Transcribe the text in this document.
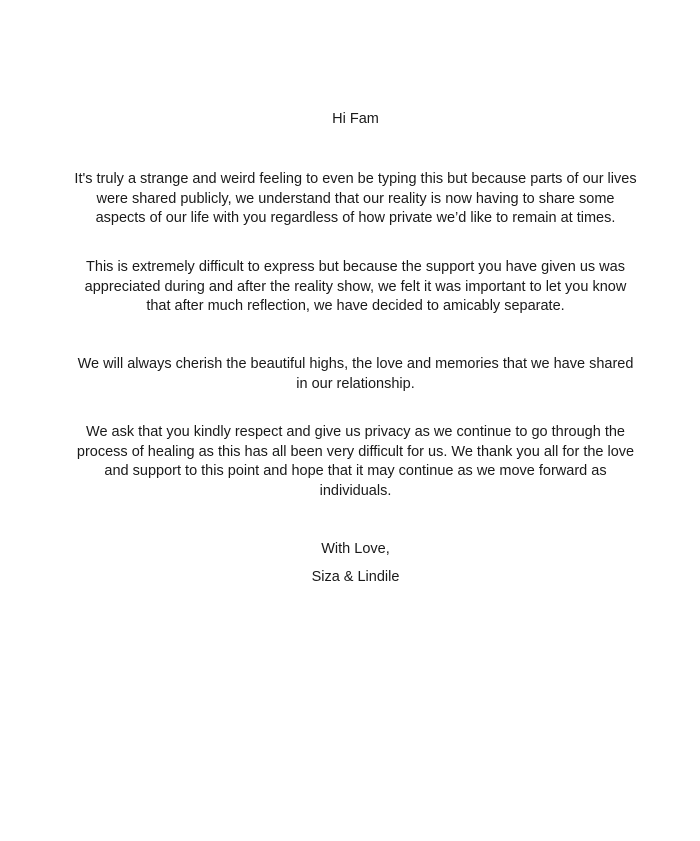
Hi Fam

It's truly a strange and weird feeling to even be typing this but because parts of our lives
were shared publicly, we understand that our reality is now having to share some
aspects of our life with you regardless of how private we’d like to remain at times.

This is extremely difficult to express but because the support you have given us was
appreciated during and after the reality show, we felt it was important to let you know
that after much reflection, we have decided to amicably separate.

We will always cherish the beautiful highs, the love and memories that we have shared
in our relationship.

We ask that you kindly respect and give us privacy as we continue to go through the
process of healing as this has all been very difficult for us. We thank you all for the love
and support to this point and hope that it may continue as we move forward as
individuals.

With Love,

Siza & Lindile
